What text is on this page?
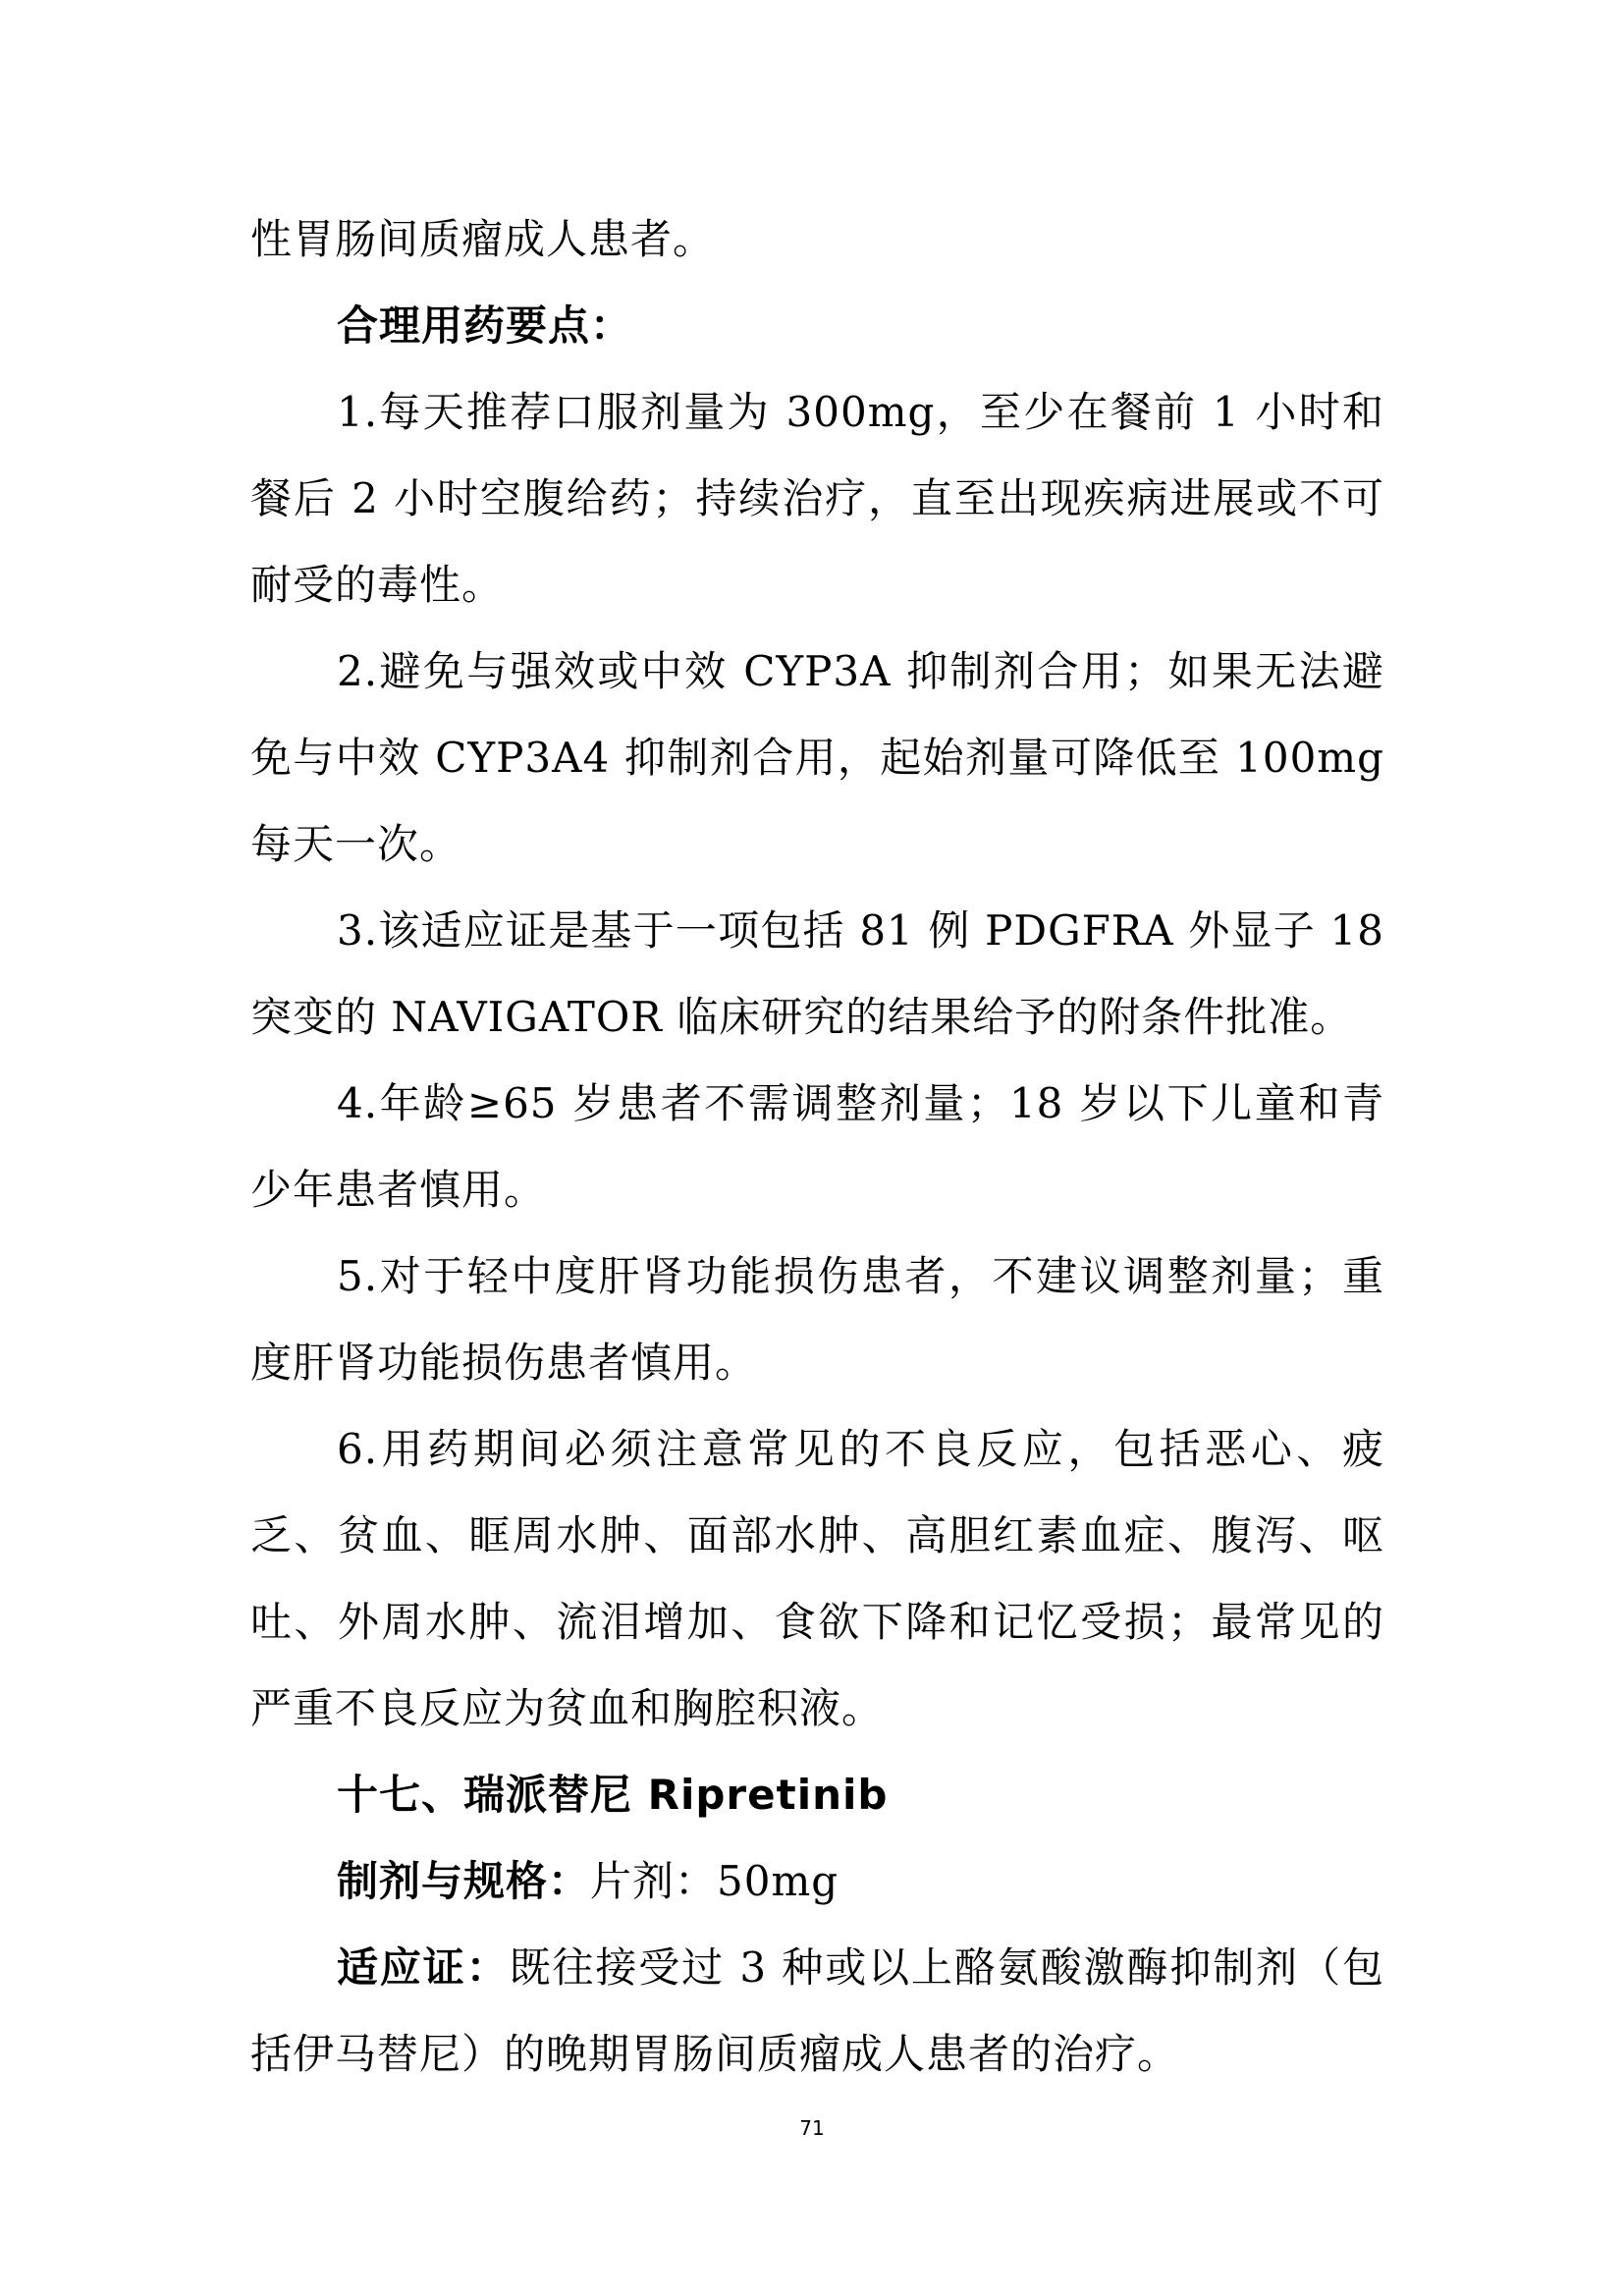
性胃肠间质瘤成人患者。

合理用药要点：

1.每天推荐口服剂量为 300mg，至少在餐前 1 小时和餐后 2 小时空腹给药；持续治疗，直至出现疾病进展或不可耐受的毒性。

2.避免与强效或中效 CYP3A 抑制剂合用；如果无法避免与中效 CYP3A4 抑制剂合用，起始剂量可降低至 100mg 每天一次。

3.该适应证是基于一项包括 81 例 PDGFRA 外显子 18 突变的 NAVIGATOR 临床研究的结果给予的附条件批准。

4.年龄≥65 岁患者不需调整剂量；18 岁以下儿童和青少年患者慎用。

5.对于轻中度肝肾功能损伤患者，不建议调整剂量；重度肝肾功能损伤患者慎用。

6.用药期间必须注意常见的不良反应，包括恶心、疲乏、贫血、眶周水肿、面部水肿、高胆红素血症、腹泻、呕吐、外周水肿、流泪增加、食欲下降和记忆受损；最常见的严重不良反应为贫血和胸腔积液。

十七、瑞派替尼 Ripretinib

制剂与规格：片剂：50mg

适应证：既往接受过 3 种或以上酪氨酸激酶抑制剂（包括伊马替尼）的晚期胃肠间质瘤成人患者的治疗。

71
